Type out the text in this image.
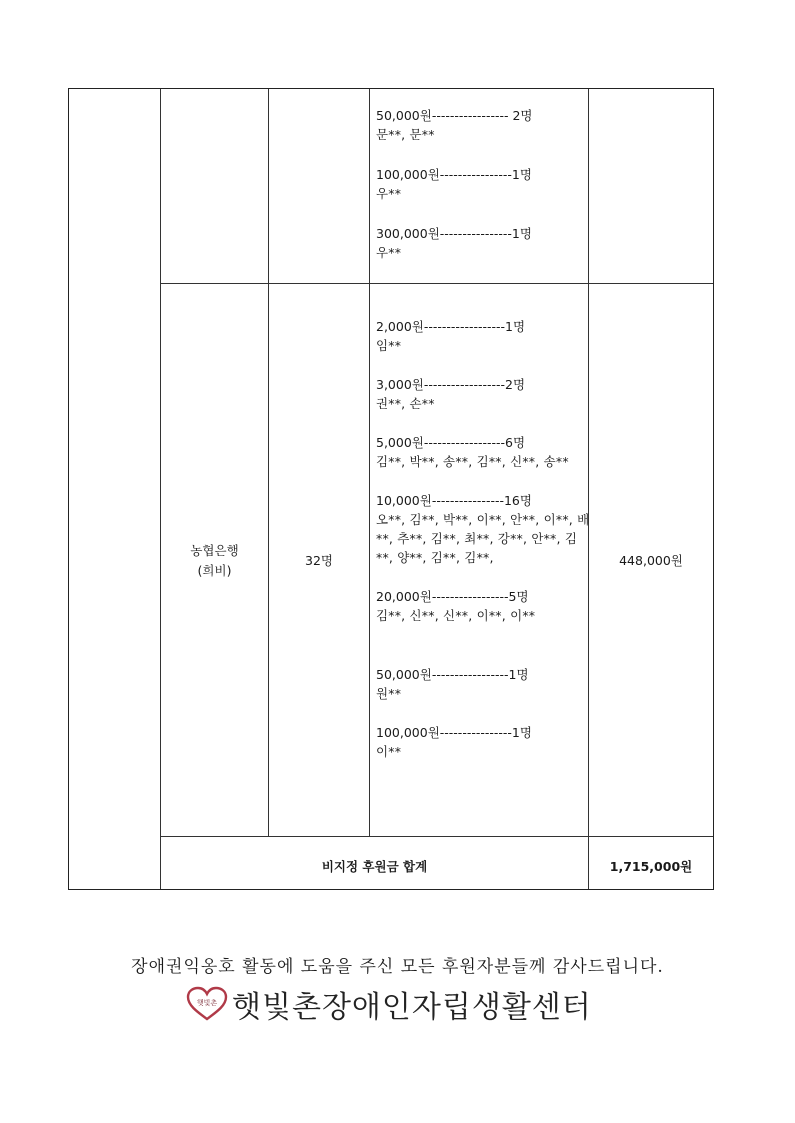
50,000원----------------- 2명

문**, 문**

100,000원----------------1명

우**

300,000원----------------1명

우**

농협은행
(희비)
32명	448,000원

2,000원------------------1명

임**

3,000원------------------2명

권**, 손**

5,000원------------------6명

김**, 박**, 송**, 김**, 신**, 송**

10,000원----------------16명

오**, 김**, 박**, 이**, 안**, 이**, 배**, 추**, 김**, 최**, 강**, 안**, 김**, 양**, 김**, 김**,

20,000원-----------------5명

김**, 신**, 신**, 이**, 이**

50,000원-----------------1명

원**

100,000원----------------1명

이**

비지정 후원금 합계	1,715,000원
장애권익옹호 활동에 도움을 주신 모든 후원자분들께 감사드립니다.
햇빛촌 햇빛촌장애인자립생활센터
